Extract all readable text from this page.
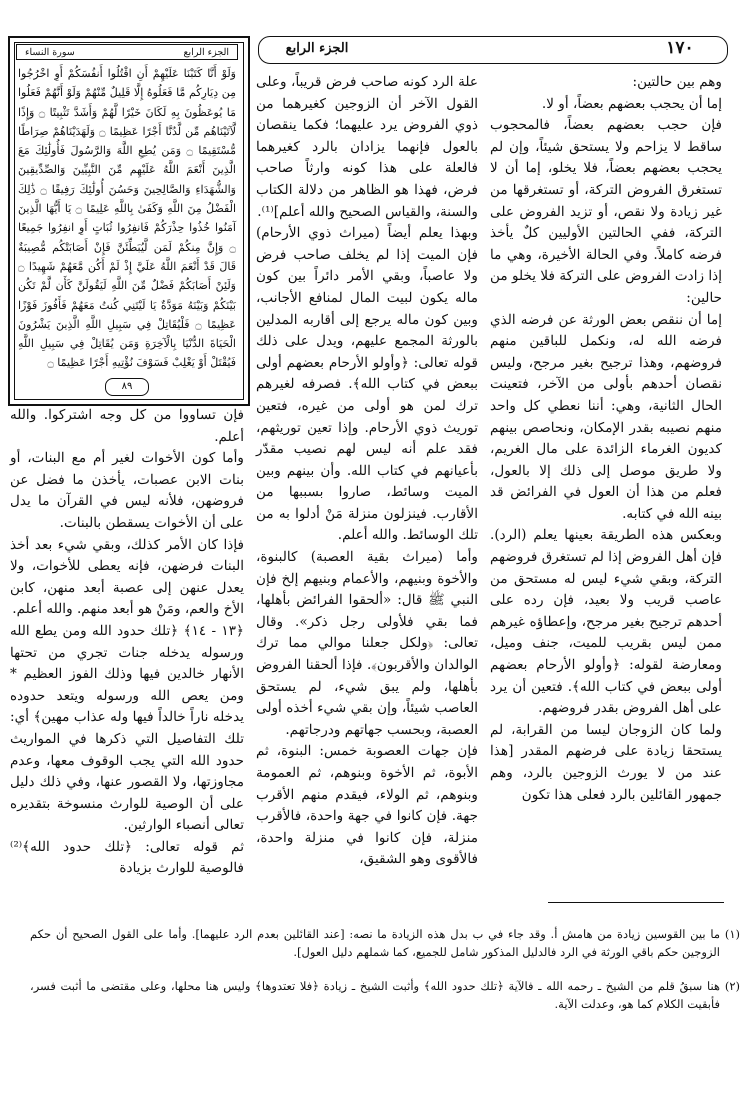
١٧٠
الجزء الرابع

وهم بين حالتين:

إما أن يحجب بعضهم بعضاً، أو لا.

فإن حجب بعضهم بعضاً، فالمحجوب ساقط لا يزاحم ولا يستحق شيئاً، وإن لم يحجب بعضهم بعضاً، فلا يخلو، إما أن لا تستغرق الفروض التركة، أو تستغرقها من غير زيادة ولا نقص، أو تزيد الفروض على التركة، ففي الحالتين الأوليين كلٌ يأخذ فرضه كاملاً. وفي الحالة الأخيرة، وهي ما إذا زادت الفروض على التركة فلا يخلو من حالين:

إما أن ننقص بعض الورثة عن فرضه الذي فرضه الله له، ونكمل للباقين منهم فروضهم، وهذا ترجيح بغير مرجح، وليس نقصان أحدهم بأولى من الآخر، فتعينت الحال الثانية، وهي: أننا نعطي كل واحد منهم نصيبه بقدر الإمكان، ونحاصص بينهم كديون الغرماء الزائدة على مال الغريم، ولا طريق موصل إلى ذلك إلا بالعول، فعلم من هذا أن العول في الفرائض قد بينه الله في كتابه.

وبعكس هذه الطريقة بعينها يعلم (الرد). فإن أهل الفروض إذا لم تستغرق فروضهم التركة، وبقي شيء ليس له مستحق من عاصب قريب ولا بعيد، فإن رده على أحدهم ترجيح بغير مرجح، وإعطاؤه غيرهم ممن ليس بقريب للميت، جنف وميل، ومعارضة لقوله: ﴿وأولو الأرحام بعضهم أولى ببعض في كتاب الله﴾. فتعين أن يرد على أهل الفروض بقدر فروضهم.

ولما كان الزوجان ليسا من القرابة، لم يستحقا زيادة على فرضهم المقدر [هذا عند من لا يورث الزوجين بالرد، وهم جمهور القائلين بالرد فعلى هذا تكون

علة الرد كونه صاحب فرض قريباً، وعلى القول الآخر أن الزوجين كغيرهما من ذوي الفروض يرد عليهما؛ فكما ينقصان بالعول فإنهما يزادان بالرد كغيرهما فالعلة على هذا كونه وارثاً صاحب فرض، فهذا هو الظاهر من دلالة الكتاب والسنة، والقياس الصحيح والله أعلم]⁽¹⁾.

وبهذا يعلم أيضاً (ميراث ذوي الأرحام) فإن الميت إذا لم يخلف صاحب فرض ولا عاصباً، وبقي الأمر دائراً بين كون ماله يكون لبيت المال لمنافع الأجانب، وبين كون ماله يرجع إلى أقاربه المدلين بالورثة المجمع عليهم، ويدل على ذلك قوله تعالى: ﴿وأولو الأرحام بعضهم أولى ببعض في كتاب الله﴾. فصرفه لغيرهم ترك لمن هو أولى من غيره، فتعين توريث ذوي الأرحام. وإذا تعين توريثهم، فقد علم أنه ليس لهم نصيب مقدّر بأعيانهم في كتاب الله. وأن بينهم وبين الميت وسائط، صاروا بسببها من الأقارب. فينزلون منزلة مَنْ أدلوا به من تلك الوسائط. والله أعلم.

وأما (ميراث بقية العصبة) كالبنوة، والأخوة وبنيهم، والأعمام وبنيهم إلخ فإن النبي ﷺ قال: «ألحقوا الفرائض بأهلها، فما بقي فلأولى رجل ذكر». وقال تعالى: ﴿ولكل جعلنا موالي مما ترك الوالدان والأقربون﴾. فإذا ألحقنا الفروض بأهلها، ولم يبق شيء، لم يستحق العاصب شيئاً، وإن بقي شيء أخذه أولى العصبة، وبحسب جهاتهم ودرجاتهم.

فإن جهات العصوبة خمس: البنوة، ثم الأبوة، ثم الأخوة وبنوهم، ثم العمومة وبنوهم، ثم الولاء، فيقدم منهم الأقرب جهة. فإن كانوا في جهة واحدة، فالأقرب منزلة، فإن كانوا في منزلة واحدة، فالأقوى وهو الشقيق،

الجزء الرابع
سورة النساء
وَلَوْ أَنَّا كَتَبْنَا عَلَيْهِمْ أَنِ اقْتُلُوا أَنفُسَكُمْ أَوِ اخْرُجُوا مِن دِيَارِكُم مَّا فَعَلُوهُ إِلَّا قَلِيلٌ مِّنْهُمْ وَلَوْ أَنَّهُمْ فَعَلُوا مَا يُوعَظُونَ بِهِ لَكَانَ خَيْرًا لَّهُمْ وَأَشَدَّ تَثْبِيتًا ۝ وَإِذًا لَّآتَيْنَاهُم مِّن لَّدُنَّا أَجْرًا عَظِيمًا ۝ وَلَهَدَيْنَاهُمْ صِرَاطًا مُّسْتَقِيمًا ۝ وَمَن يُطِعِ اللَّهَ وَالرَّسُولَ فَأُولَٰئِكَ مَعَ الَّذِينَ أَنْعَمَ اللَّهُ عَلَيْهِم مِّنَ النَّبِيِّينَ وَالصِّدِّيقِينَ وَالشُّهَدَاءِ وَالصَّالِحِينَ وَحَسُنَ أُولَٰئِكَ رَفِيقًا ۝ ذَٰلِكَ الْفَضْلُ مِنَ اللَّهِ وَكَفَىٰ بِاللَّهِ عَلِيمًا ۝ يَا أَيُّهَا الَّذِينَ آمَنُوا خُذُوا حِذْرَكُمْ فَانفِرُوا ثُبَاتٍ أَوِ انفِرُوا جَمِيعًا ۝ وَإِنَّ مِنكُمْ لَمَن لَّيُبَطِّئَنَّ فَإِنْ أَصَابَتْكُم مُّصِيبَةٌ قَالَ قَدْ أَنْعَمَ اللَّهُ عَلَيَّ إِذْ لَمْ أَكُن مَّعَهُمْ شَهِيدًا ۝ وَلَئِنْ أَصَابَكُمْ فَضْلٌ مِّنَ اللَّهِ لَيَقُولَنَّ كَأَن لَّمْ تَكُن بَيْنَكُمْ وَبَيْنَهُ مَوَدَّةٌ يَا لَيْتَنِي كُنتُ مَعَهُمْ فَأَفُوزَ فَوْزًا عَظِيمًا ۝ فَلْيُقَاتِلْ فِي سَبِيلِ اللَّهِ الَّذِينَ يَشْرُونَ الْحَيَاةَ الدُّنْيَا بِالْآخِرَةِ وَمَن يُقَاتِلْ فِي سَبِيلِ اللَّهِ فَيُقْتَلْ أَوْ يَغْلِبْ فَسَوْفَ نُؤْتِيهِ أَجْرًا عَظِيمًا ۝
٨٩

فإن تساووا من كل وجه اشتركوا. والله أعلم.

وأما كون الأخوات لغير أم مع البنات، أو بنات الابن عصبات، يأخذن ما فضل عن فروضهن، فلأنه ليس في القرآن ما يدل على أن الأخوات يسقطن بالبنات.

فإذا كان الأمر كذلك، وبقي شيء بعد أخذ البنات فرضهن، فإنه يعطى للأخوات، ولا يعدل عنهن إلى عصبة أبعد منهن، كابن الأخ والعم، ومَنْ هو أبعد منهم. والله أعلم.

﴿١٣ - ١٤﴾ ﴿تلك حدود الله ومن يطع الله ورسوله يدخله جنات تجري من تحتها الأنهار خالدين فيها وذلك الفوز العظيم * ومن يعص الله ورسوله ويتعد حدوده يدخله ناراً خالداً فيها وله عذاب مهين﴾ أي: تلك التفاصيل التي ذكرها في المواريث حدود الله التي يجب الوقوف معها، وعدم مجاوزتها، ولا القصور عنها، وفي ذلك دليل على أن الوصية للوارث منسوخة بتقديره تعالى أنصباء الوارثين.

ثم قوله تعالى: ﴿تلك حدود الله﴾⁽²⁾ فالوصية للوارث بزيادة

(١)
ما بين القوسين زيادة من هامش أ. وقد جاء في ب بدل هذه الزيادة ما نصه: [عند القائلين بعدم الرد عليهما]. وأما على القول الصحيح أن حكم الزوجين حكم باقي الورثة في الرد فالدليل المذكور شامل للجميع، كما شملهم دليل العول].
(٢)
هنا سبقُ قلم من الشيخ ـ رحمه الله ـ فالآية ﴿تلك حدود الله﴾ وأثبت الشيخ ـ زيادة ﴿فلا تعتدوها﴾ وليس هنا محلها، وعلى مقتضى ما أثبت فسر، فأبقيت الكلام كما هو، وعدلت الآية.
